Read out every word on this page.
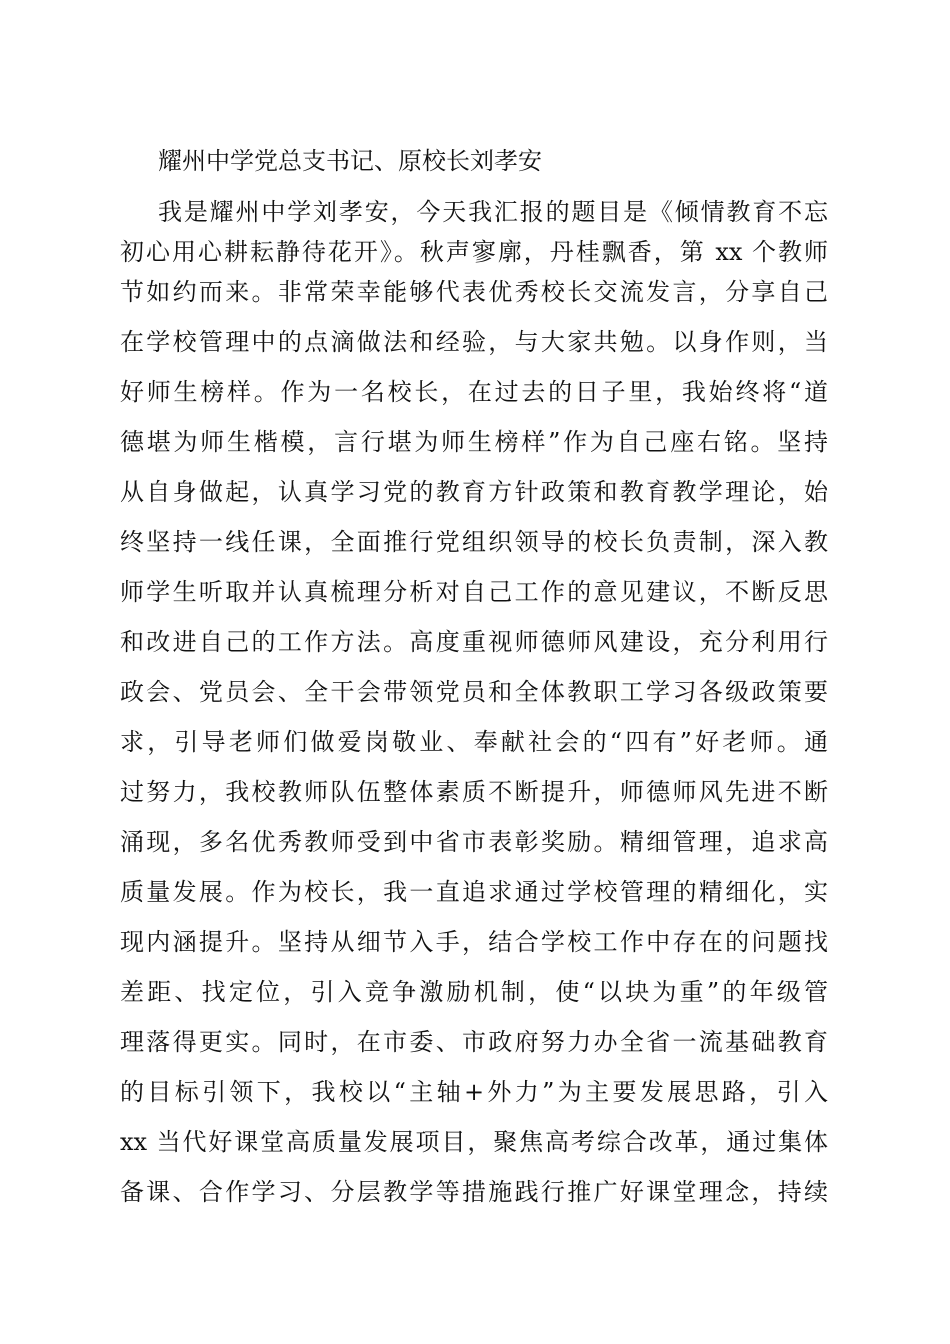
耀州中学党总支书记、原校长刘孝安
我是耀州中学刘孝安，今天我汇报的题目是《倾情教育不忘
初心用心耕耘静待花开》。秋声寥廓，丹桂飘香，第 xx 个教师
节如约而来。非常荣幸能够代表优秀校长交流发言，分享自己
在学校管理中的点滴做法和经验，与大家共勉。以身作则，当
好师生榜样。作为一名校长，在过去的日子里，我始终将“道
德堪为师生楷模，言行堪为师生榜样”作为自己座右铭。坚持
从自身做起，认真学习党的教育方针政策和教育教学理论，始
终坚持一线任课，全面推行党组织领导的校长负责制，深入教
师学生听取并认真梳理分析对自己工作的意见建议，不断反思
和改进自己的工作方法。高度重视师德师风建设，充分利用行
政会、党员会、全干会带领党员和全体教职工学习各级政策要
求，引导老师们做爱岗敬业、奉献社会的“四有”好老师。通
过努力，我校教师队伍整体素质不断提升，师德师风先进不断
涌现，多名优秀教师受到中省市表彰奖励。精细管理，追求高
质量发展。作为校长，我一直追求通过学校管理的精细化，实
现内涵提升。坚持从细节入手，结合学校工作中存在的问题找
差距、找定位，引入竞争激励机制，使“以块为重”的年级管
理落得更实。同时，在市委、市政府努力办全省一流基础教育
的目标引领下，我校以“主轴+外力”为主要发展思路，引入
xx 当代好课堂高质量发展项目，聚焦高考综合改革，通过集体
备课、合作学习、分层教学等措施践行推广好课堂理念，持续
